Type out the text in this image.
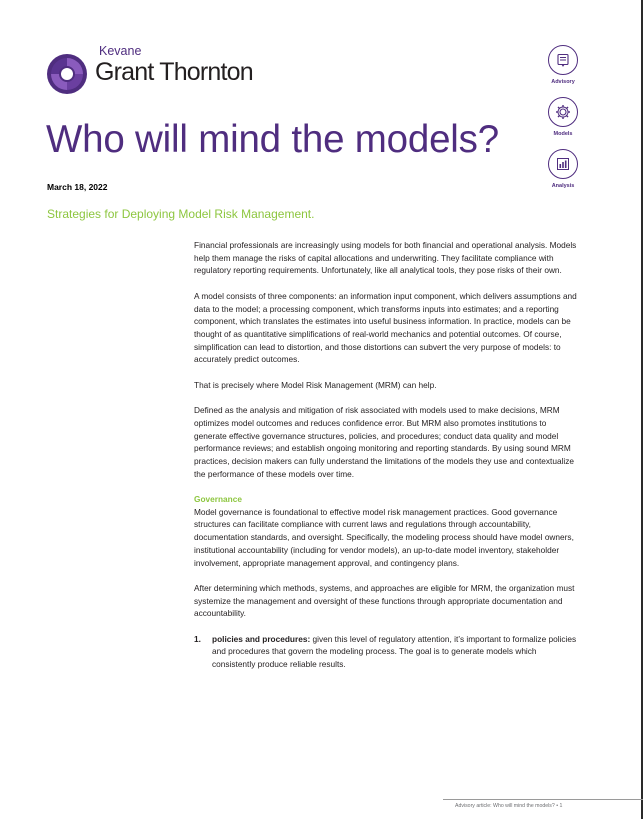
Kevane
Grant Thornton	Advisory
Models
Analysis
Who will mind the models?
March 18, 2022
Strategies for Deploying Model Risk Management.

Financial professionals are increasingly using models for both financial and operational analysis. Models help them manage the risks of capital allocations and underwriting. They facilitate compliance with regulatory reporting requirements. Unfortunately, like all analytical tools, they pose risks of their own.

A model consists of three components: an information input component, which delivers assumptions and data to the model; a processing component, which transforms inputs into estimates; and a reporting component, which translates the estimates into useful business information. In practice, models can be thought of as quantitative simplifications of real-world mechanics and potential outcomes. Of course, simplification can lead to distortion, and those distortions can subvert the very purpose of models: to accurately predict outcomes.

That is precisely where Model Risk Management (MRM) can help.

Defined as the analysis and mitigation of risk associated with models used to make decisions, MRM optimizes model outcomes and reduces confidence error. But MRM also promotes institutions to generate effective governance structures, policies, and procedures; conduct data quality and model performance reviews; and establish ongoing monitoring and reporting standards. By using sound MRM practices, decision makers can fully understand the limitations of the models they use and contextualize the performance of these models over time.

Governance
Model governance is foundational to effective model risk management practices. Good governance structures can facilitate compliance with current laws and regulations through accountability, documentation standards, and oversight. Specifically, the modeling process should have model owners, institutional accountability (including for vendor models), an up-to-date model inventory, stakeholder involvement, appropriate management approval, and contingency plans.

After determining which methods, systems, and approaches are eligible for MRM, the organization must systemize the management and oversight of these functions through appropriate documentation and accountability.

1. policies and procedures: given this level of regulatory attention, it’s important to formalize policies and procedures that govern the modeling process. The goal is to generate models which consistently produce reliable results.

Advisory article: Who will mind the models? • 1
